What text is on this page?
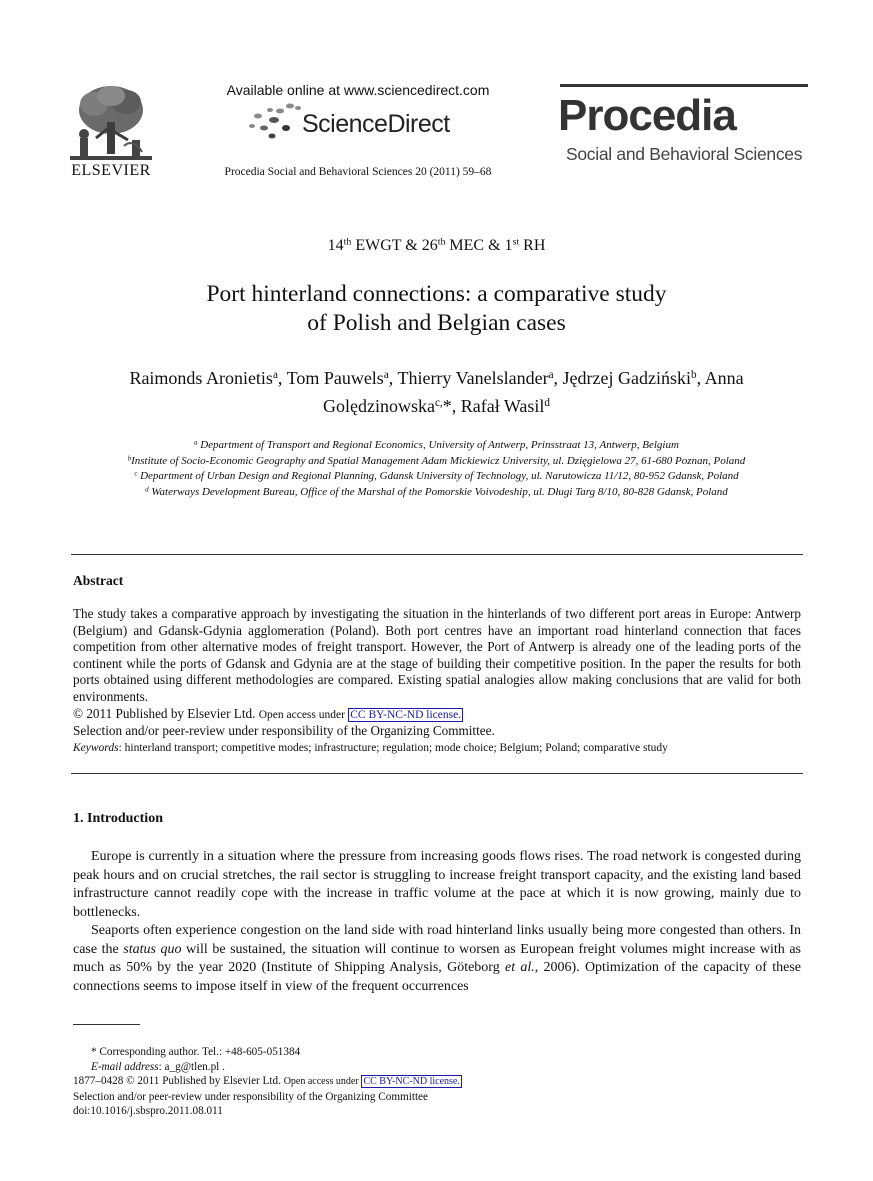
ELSEVIER
Available online at www.sciencedirect.com
ScienceDirect
Procedia Social and Behavioral Sciences 20 (2011) 59–68
Procedia
Social and Behavioral Sciences
14th EWGT & 26th MEC & 1st RH
Port hinterland connections: a comparative study
of Polish and Belgian cases
Raimonds Aronietis$^a$, Tom Pauwels$^a$, Thierry Vanelslander$^a$, Jędrzej Gadziński$^b$, Anna
Golędzinowska$^{c,}$*, Rafał Wasil$^d$
$^a$ Department of Transport and Regional Economics, University of Antwerp, Prinsstraat 13, Antwerp, Belgium
$^b$Institute of Socio-Economic Geography and Spatial Management Adam Mickiewicz University, ul. Dzięgielowa 27, 61-680 Poznan, Poland
$^c$ Department of Urban Design and Regional Planning, Gdansk University of Technology, ul. Narutowicza 11/12, 80-952 Gdansk, Poland
$^d$ Waterways Development Bureau, Office of the Marshal of the Pomorskie Voivodeship, ul. Długi Targ 8/10, 80-828 Gdansk, Poland
Abstract
The study takes a comparative approach by investigating the situation in the hinterlands of two different port areas in Europe: Antwerp (Belgium) and Gdansk-Gdynia agglomeration (Poland). Both port centres have an important road hinterland connection that faces competition from other alternative modes of freight transport. However, the Port of Antwerp is already one of the leading ports of the continent while the ports of Gdansk and Gdynia are at the stage of building their competitive position. In the paper the results for both ports obtained using different methodologies are compared. Existing spatial analogies allow making conclusions that are valid for both environments.
© 2011 Published by Elsevier Ltd. Open access under CC BY-NC-ND license.
Selection and/or peer-review under responsibility of the Organizing Committee.
Keywords: hinterland transport; competitive modes; infrastructure; regulation; mode choice; Belgium; Poland; comparative study
1. Introduction
Europe is currently in a situation where the pressure from increasing goods flows rises. The road network is congested during peak hours and on crucial stretches, the rail sector is struggling to increase freight transport capacity, and the existing land based infrastructure cannot readily cope with the increase in traffic volume at the pace at which it is now growing, mainly due to bottlenecks.
Seaports often experience congestion on the land side with road hinterland links usually being more congested than others. In case the status quo will be sustained, the situation will continue to worsen as European freight volumes might increase with as much as 50% by the year 2020 (Institute of Shipping Analysis, Göteborg et al., 2006). Optimization of the capacity of these connections seems to impose itself in view of the frequent occurrences
* Corresponding author. Tel.: +48-605-051384
E-mail address: a_g@tlen.pl .
1877–0428 © 2011 Published by Elsevier Ltd. Open access under CC BY-NC-ND license.
Selection and/or peer-review under responsibility of the Organizing Committee
doi:10.1016/j.sbspro.2011.08.011
